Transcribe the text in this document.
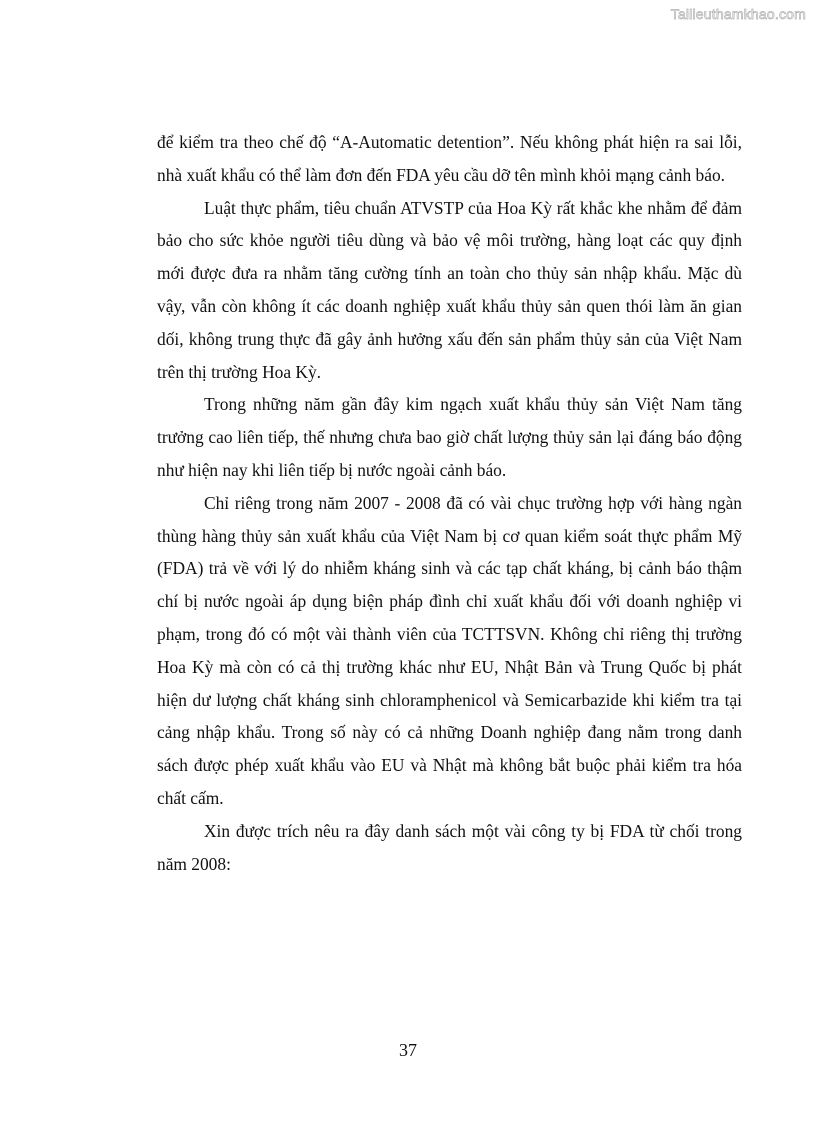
Tailieuthamkhao.com

để kiểm tra theo chế độ “A-Automatic detention”. Nếu không phát hiện ra sai lỗi, nhà xuất khẩu có thể làm đơn đến FDA yêu cầu dỡ tên mình khỏi mạng cảnh báo.

Luật thực phẩm, tiêu chuẩn ATVSTP của Hoa Kỳ rất khắc khe nhằm để đảm bảo cho sức khỏe người tiêu dùng và bảo vệ môi trường, hàng loạt các quy định mới được đưa ra nhằm tăng cường tính an toàn cho thủy sản nhập khẩu. Mặc dù vậy, vẫn còn không ít các doanh nghiệp xuất khẩu thủy sản quen thói làm ăn gian dối, không trung thực đã gây ảnh hưởng xấu đến sản phẩm thủy sản của Việt Nam trên thị trường Hoa Kỳ.

Trong những năm gần đây kim ngạch xuất khẩu thủy sản Việt Nam tăng trưởng cao liên tiếp, thế nhưng chưa bao giờ chất lượng thủy sản lại đáng báo động như hiện nay khi liên tiếp bị nước ngoài cảnh báo.

Chỉ riêng trong năm 2007 - 2008 đã có vài chục trường hợp với hàng ngàn thùng hàng thủy sản xuất khẩu của Việt Nam bị cơ quan kiểm soát thực phẩm Mỹ (FDA) trả về với lý do nhiễm kháng sinh và các tạp chất kháng, bị cảnh báo thậm chí bị nước ngoài áp dụng biện pháp đình chỉ xuất khẩu đối với doanh nghiệp vi phạm, trong đó có một vài thành viên của TCTTSVN. Không chỉ riêng thị trường Hoa Kỳ mà còn có cả thị trường khác như EU, Nhật Bản và Trung Quốc bị phát hiện dư lượng chất kháng sinh chloramphenicol và Semicarbazide khi kiểm tra tại cảng nhập khẩu. Trong số này có cả những Doanh nghiệp đang nằm trong danh sách được phép xuất khẩu vào EU và Nhật mà không bắt buộc phải kiểm tra hóa chất cấm.

Xin được trích nêu ra đây danh sách một vài công ty bị FDA từ chối trong năm 2008:

37
